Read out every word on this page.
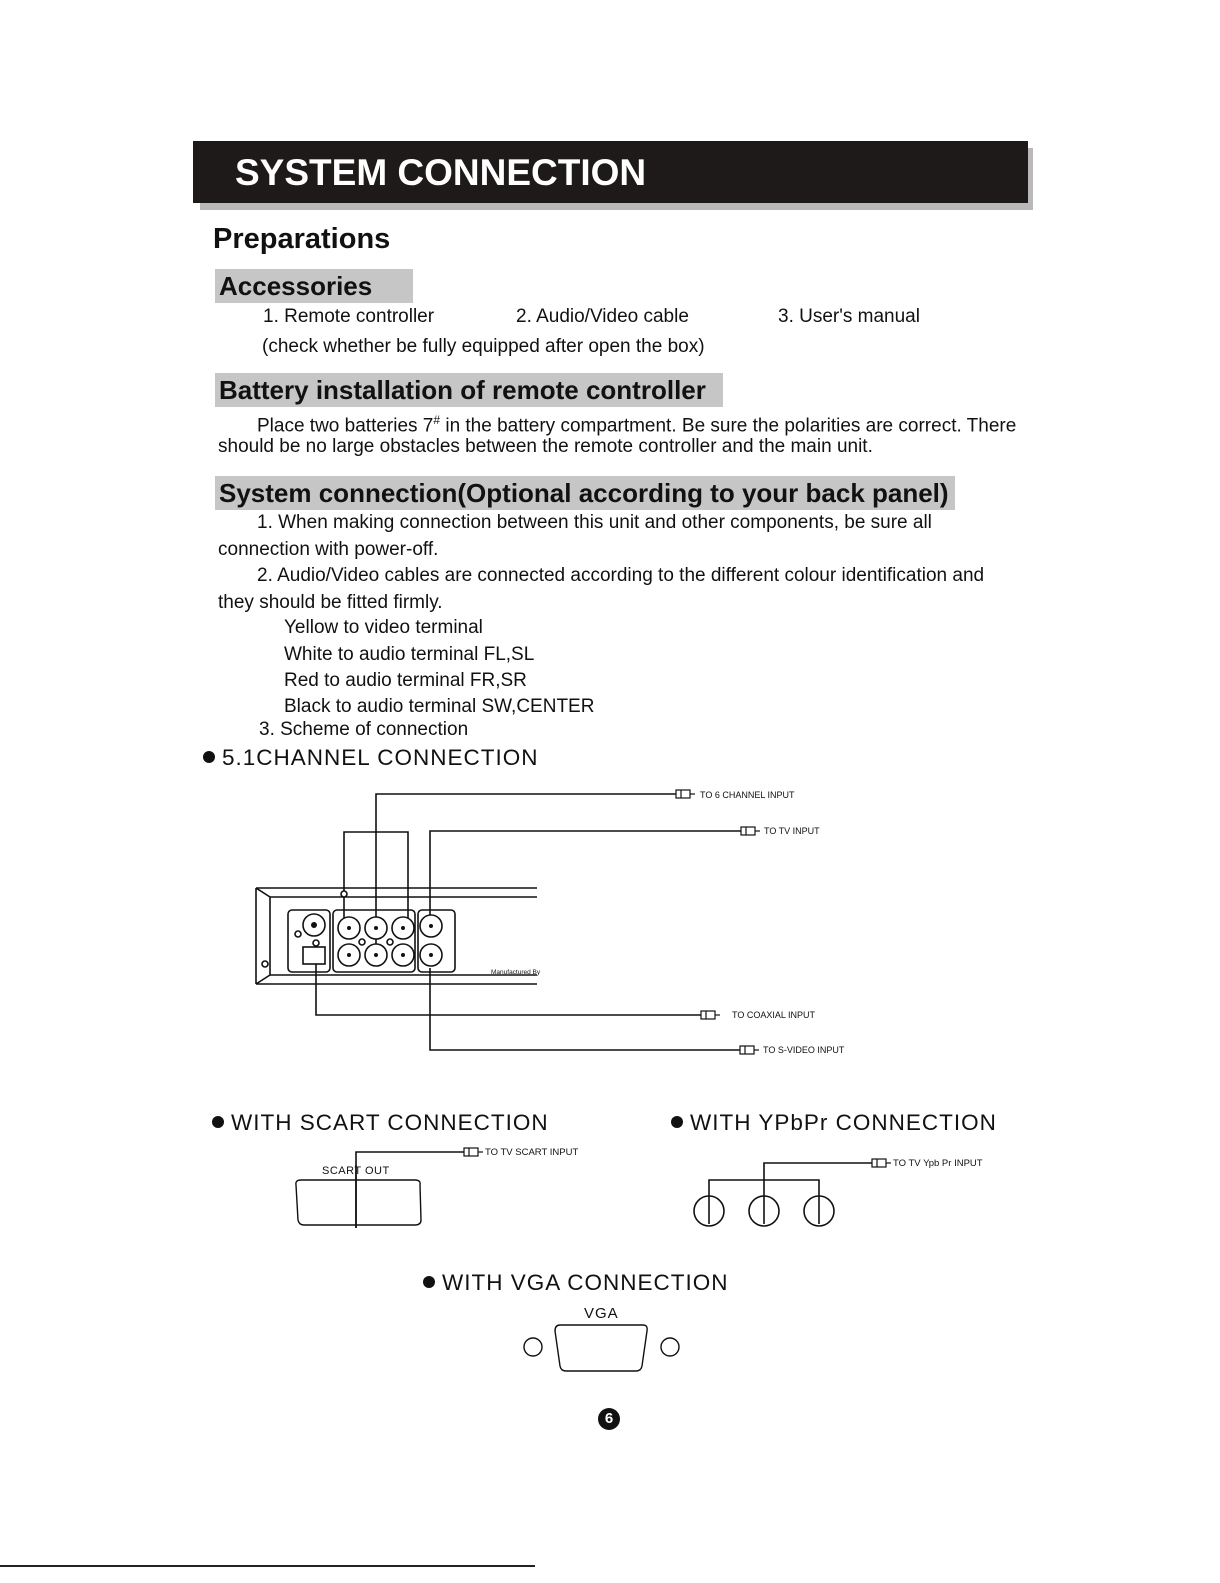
SYSTEM CONNECTION
Preparations
Accessories
1. Remote controller	2. Audio/Video cable	3. User's manual
(check whether be fully equipped after open the box)
Battery installation of remote controller
Place two batteries 7# in the battery compartment. Be sure the polarities are correct. There
should be no large obstacles between the remote controller and the main unit.
System connection(Optional according to your back panel)
1. When making connection between this unit and other components, be sure all
connection with power-off.
2. Audio/Video cables are connected according to the different colour identification and
they should be fitted firmly.
Yellow to video terminal
White to audio terminal FL,SL
Red to audio terminal FR,SR
Black to audio terminal SW,CENTER
3. Scheme of connection
5.1CHANNEL CONNECTION
TO 6 CHANNEL INPUT
TO TV INPUT
TO COAXIAL INPUT
TO S-VIDEO INPUT
Manufactured By
TO TV SCART INPUT
SCART OUT
TO TV Ypb Pr INPUT
VGA
WITH SCART CONNECTION	WITH YPbPr CONNECTION
WITH VGA CONNECTION
6
